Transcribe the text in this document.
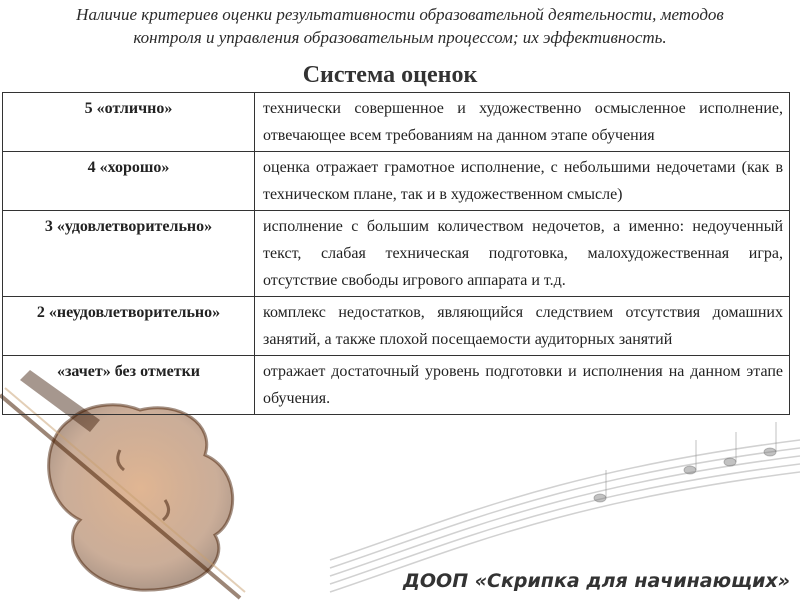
Наличие критериев оценки результативности образовательной деятельности, методов
контроля и управления образовательным процессом; их эффективность.
Система оценок
5 «отлично»	технически совершенное и художественно осмысленное исполнение, отвечающее всем требованиям на данном этапе обучения
4 «хорошо»	оценка отражает грамотное исполнение, с небольшими недочетами (как в техническом плане, так и в художественном смысле)
3 «удовлетворительно»	исполнение с большим количеством недочетов, а именно: недоученный текст, слабая техническая подготовка, малохудожественная игра, отсутствие свободы игрового аппарата и т.д.
2 «неудовлетворительно»	комплекс недостатков, являющийся следствием отсутствия домашних занятий, а также плохой посещаемости аудиторных занятий
«зачет» без отметки	отражает достаточный уровень подготовки и исполнения на данном этапе обучения.
ДООП «Скрипка для начинающих»
